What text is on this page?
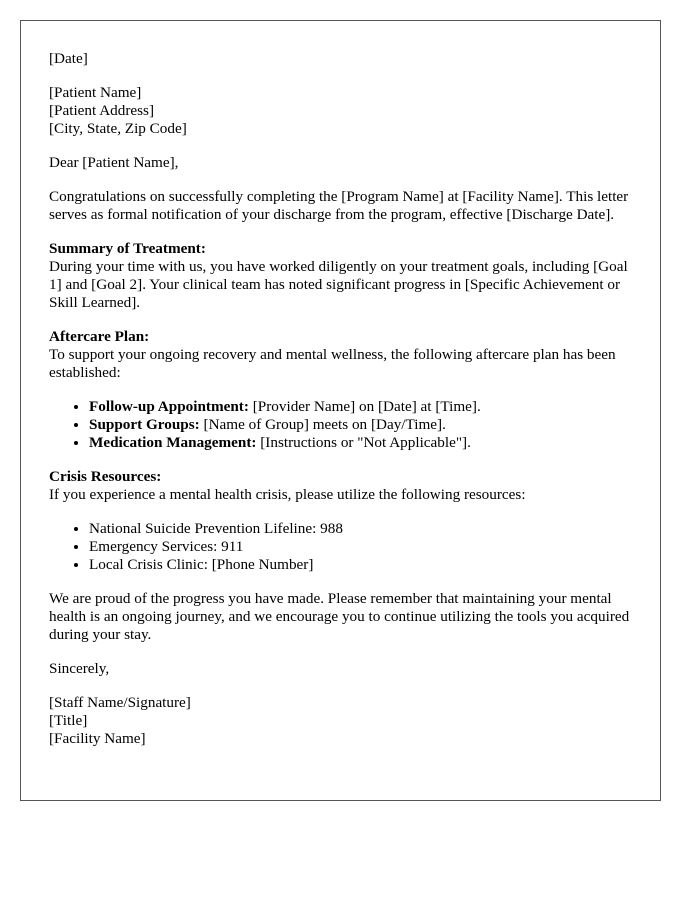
[Date]

[Patient Name]
[Patient Address]
[City, State, Zip Code]

Dear [Patient Name],

Congratulations on successfully completing the [Program Name] at [Facility Name]. This letter serves as formal notification of your discharge from the program, effective [Discharge Date].

Summary of Treatment:
During your time with us, you have worked diligently on your treatment goals, including [Goal 1] and [Goal 2]. Your clinical team has noted significant progress in [Specific Achievement or Skill Learned].

Aftercare Plan:
To support your ongoing recovery and mental wellness, the following aftercare plan has been established:

• Follow-up Appointment: [Provider Name] on [Date] at [Time].
• Support Groups: [Name of Group] meets on [Day/Time].
• Medication Management: [Instructions or "Not Applicable"].

Crisis Resources:
If you experience a mental health crisis, please utilize the following resources:

• National Suicide Prevention Lifeline: 988
• Emergency Services: 911
• Local Crisis Clinic: [Phone Number]

We are proud of the progress you have made. Please remember that maintaining your mental health is an ongoing journey, and we encourage you to continue utilizing the tools you acquired during your stay.

Sincerely,

[Staff Name/Signature]
[Title]
[Facility Name]
